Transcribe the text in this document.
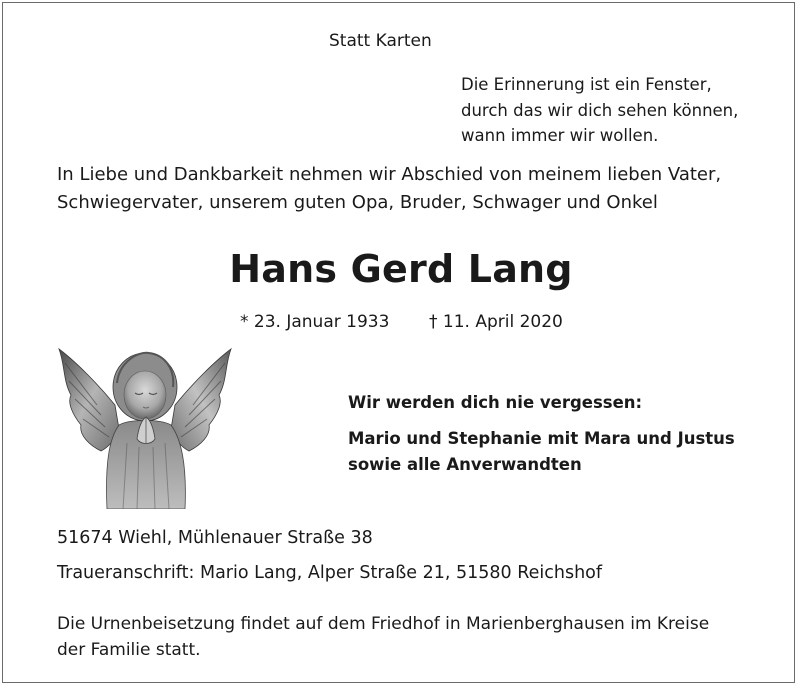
Statt Karten
Die Erinnerung ist ein Fenster,
durch das wir dich sehen können,
wann immer wir wollen.
In Liebe und Dankbarkeit nehmen wir Abschied von meinem lieben Vater,
Schwiegervater, unserem guten Opa, Bruder, Schwager und Onkel
Hans Gerd Lang
* 23. Januar 1933 † 11. April 2020
Wir werden dich nie vergessen:
Mario und Stephanie mit Mara und Justus
sowie alle Anverwandten
51674 Wiehl, Mühlenauer Straße 38
Traueranschrift: Mario Lang, Alper Straße 21, 51580 Reichshof
Die Urnenbeisetzung findet auf dem Friedhof in Marienberghausen im Kreise
der Familie statt.
